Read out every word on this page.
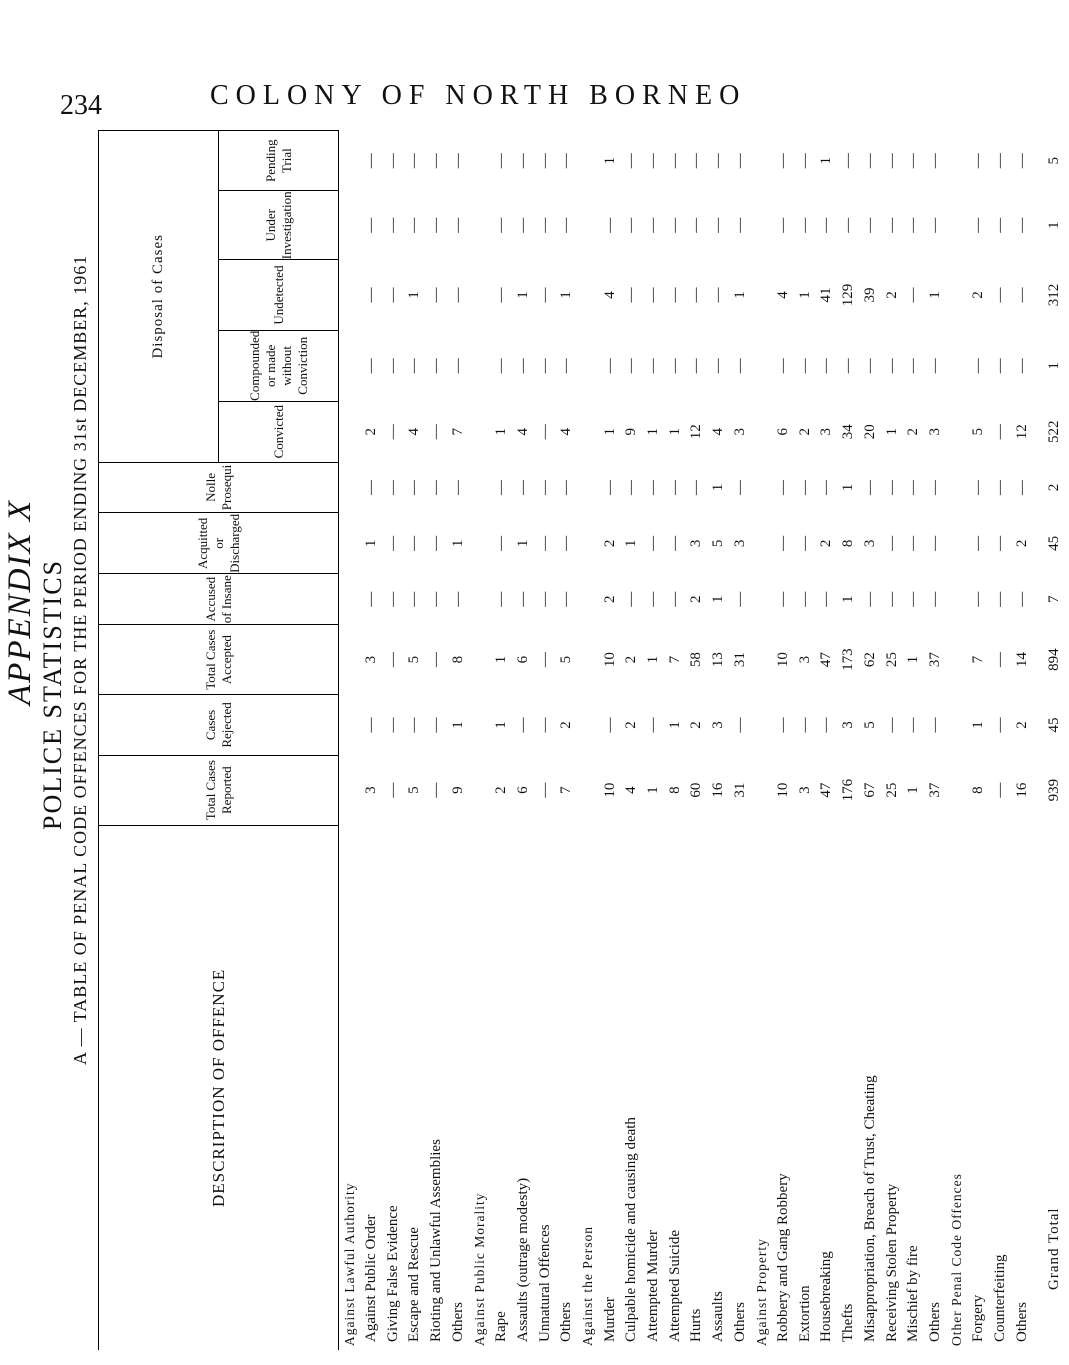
234	COLONY OF NORTH BORNEO
APPENDIX X POLICE STATISTICS A — TABLE OF PENAL CODE OFFENCES FOR THE PERIOD ENDING 31st DECEMBER, 1961
DESCRIPTION OF OFFENCE	Total Cases Reported	Cases Rejected	Total Cases Accepted	Accused of Insane	Acquitted or Discharged	Nolle Prosequi	Disposal of Cases				
							Convicted	Compounded or made without Conviction	Undetected	Under Investigation	Pending Trial
Against Lawful Authority											
Against Public Order	3	—	3	—	1	—	2	—	—	—	—
Giving False Evidence	—	—	—	—	—	—	—	—	—	—	—
Escape and Rescue	5	—	5	—	—	—	4	—	1	—	—
Rioting and Unlawful Assemblies	—	—	—	—	—	—	—	—	—	—	—
Others	9	1	8	—	1	—	7	—	—	—	—
Against Public Morality											
Rape	2	1	1	—	—	—	1	—	—	—	—
Assaults (outrage modesty)	6	—	6	—	1	—	4	—	1	—	—
Unnatural Offences	—	—	—	—	—	—	—	—	—	—	—
Others	7	2	5	—	—	—	4	—	1	—	—
Against the Person											
Murder	10	—	10	2	2	—	1	—	4	—	1
Culpable homicide and causing death	4	2	2	—	1	—	9	—	—	—	—
Attempted Murder	1	—	1	—	—	—	1	—	—	—	—
Attempted Suicide	8	1	7	—	—	—	1	—	—	—	—
Hurts	60	2	58	2	3	—	12	—	—	—	—
Assaults	16	3	13	1	5	1	4	—	—	—	—
Others	31	—	31	—	3	—	3	—	1	—	—
Against Property											
Robbery and Gang Robbery	10	—	10	—	—	—	6	—	4	—	—
Extortion	3	—	3	—	—	—	2	—	1	—	—
Housebreaking	47	—	47	—	2	—	3	—	41	—	1
Thefts	176	3	173	1	8	1	34	—	129	—	—
Misappropriation, Breach of Trust, Cheating	67	5	62	—	3	—	20	—	39	—	—
Receiving Stolen Property	25	—	25	—	—	—	1	—	2	—	—
Mischief by fire	1	—	1	—	—	—	2	—	—	—	—
Others	37	—	37	—	—	—	3	—	1	—	—
Other Penal Code Offences											
Forgery	8	1	7	—	—	—	5	—	2	—	—
Counterfeiting	—	—	—	—	—	—	—	—	—	—	—
Others	16	2	14	—	2	—	12	—	—	—	—

Grand Total	939	45	894	7	45	2	522	1	312	1	5
